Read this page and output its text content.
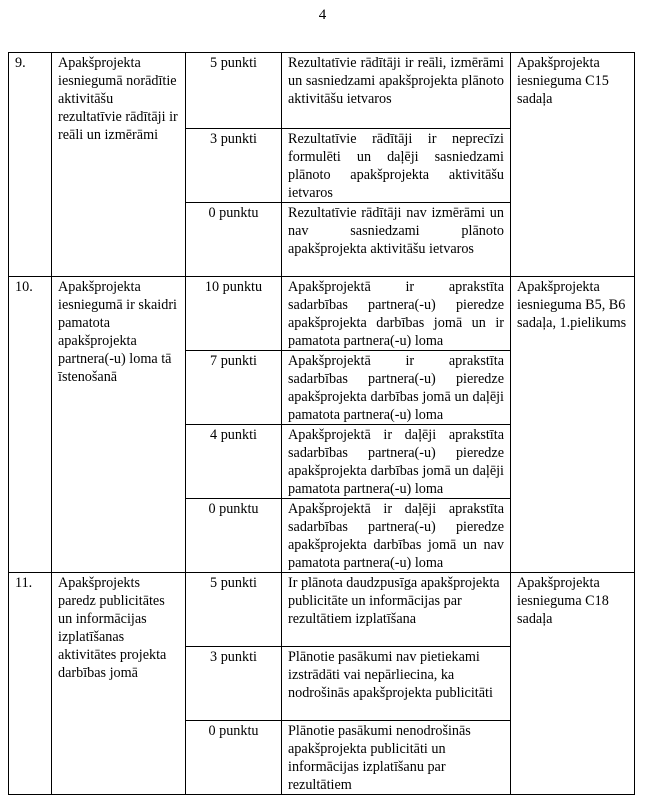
4
9.	Apakšprojekta iesniegumā norādītie aktivitāšu rezultatīvie rādītāji ir reāli un izmērāmi	5 punkti	Rezultatīvie rādītāji ir reāli, izmērāmi un sasniedzami apakšprojekta plānoto aktivitāšu ietvaros	Apakšprojekta iesnieguma C15 sadaļa
		3 punkti	Rezultatīvie rādītāji ir neprecīzi formulēti un daļēji sasniedzami plānoto apakšprojekta aktivitāšu ietvaros	

		0 punktu	Rezultatīvie rādītāji nav izmērāmi un nav sasniedzami plānoto apakšprojekta aktivitāšu ietvaros	

10.	Apakšprojekta iesniegumā ir skaidri pamatota apakšprojekta partnera(-u) loma tā īstenošanā	10 punktu	Apakšprojektā ir aprakstīta sadarbības partnera(-u) pieredze apakšprojekta darbības jomā un ir pamatota partnera(-u) loma	Apakšprojekta iesnieguma B5, B6 sadaļa, 1.pielikums
		7 punkti	Apakšprojektā ir aprakstīta sadarbības partnera(-u) pieredze apakšprojekta darbības jomā un daļēji pamatota partnera(-u) loma	

		4 punkti	Apakšprojektā ir daļēji aprakstīta sadarbības partnera(-u) pieredze apakšprojekta darbības jomā un daļēji pamatota partnera(-u) loma	

		0 punktu	Apakšprojektā ir daļēji aprakstīta sadarbības partnera(-u) pieredze apakšprojekta darbības jomā un nav pamatota partnera(-u) loma	

11.	Apakšprojekts paredz publicitātes un informācijas izplatīšanas aktivitātes projekta darbības jomā	5 punkti	Ir plānota daudzpusīga apakšprojekta publicitāte un informācijas par rezultātiem izplatīšana	Apakšprojekta iesnieguma C18 sadaļa
		3 punkti	Plānotie pasākumi nav pietiekami izstrādāti vai nepārliecina, ka nodrošinās apakšprojekta publicitāti	

		0 punktu	Plānotie pasākumi nenodrošinās apakšprojekta publicitāti un informācijas izplatīšanu par rezultātiem	
